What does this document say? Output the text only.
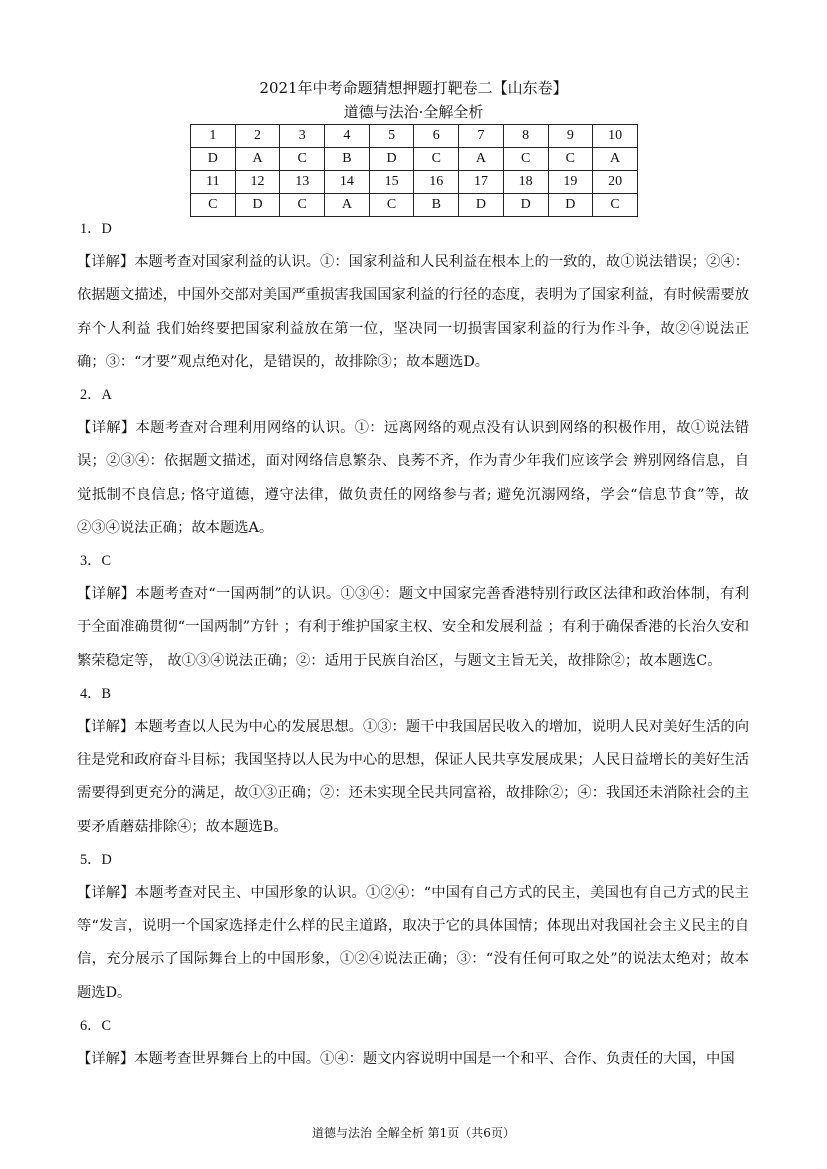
2021年中考命题猜想押题打靶卷二【山东卷】
道德与法治·全解全析
1	2	3	4	5	6	7	8	9	10
D	A	C	B	D	C	A	C	C	A
11	12	13	14	15	16	17	18	19	20
C	D	C	A	C	B	D	D	D	C
1．D

【详解】本题考查对国家利益的认识。①：国家利益和人民利益在根本上的一致的，故①说法错误；②④：依据题文描述，中国外交部对美国严重损害我国国家利益的行径的态度，表明为了国家利益，有时候需要放弃个人利益 我们始终要把国家利益放在第一位，坚决同一切损害国家利益的行为作斗争，故②④说法正确；③：“才要”观点绝对化，是错误的，故排除③；故本题选D。

2．A

【详解】本题考查对合理利用网络的认识。①：远离网络的观点没有认识到网络的积极作用，故①说法错误；②③④：依据题文描述，面对网络信息繁杂、良莠不齐，作为青少年我们应该学会 辨别网络信息，自觉抵制不良信息; 恪守道德，遵守法律，做负责任的网络参与者; 避免沉溺网络，学会“信息节食”等，故②③④说法正确；故本题选A。

3．C

【详解】本题考查对“一国两制”的认识。①③④：题文中国家完善香港特别行政区法律和政治体制，有利于全面准确贯彻“一国两制”方针 ；有利于维护国家主权、安全和发展利益 ；有利于确保香港的长治久安和繁荣稳定等， 故①③④说法正确；②：适用于民族自治区，与题文主旨无关，故排除②；故本题选C。

4．B

【详解】本题考查以人民为中心的发展思想。①③：题干中我国居民收入的增加，说明人民对美好生活的向往是党和政府奋斗目标；我国坚持以人民为中心的思想，保证人民共享发展成果；人民日益增长的美好生活需要得到更充分的满足，故①③正确；②：还未实现全民共同富裕，故排除②；④：我国还未消除社会的主要矛盾蘑菇排除④；故本题选B。

5．D

【详解】本题考查对民主、中国形象的认识。①②④：“中国有自己方式的民主，美国也有自己方式的民主等“发言，说明一个国家选择走什么样的民主道路，取决于它的具体国情；体现出对我国社会主义民主的自信，充分展示了国际舞台上的中国形象，①②④说法正确；③：“没有任何可取之处”的说法太绝对；故本题选D。

6．C

【详解】本题考查世界舞台上的中国。①④：题文内容说明中国是一个和平、合作、负责任的大国，中国

道德与法治 全解全析 第1页（共6页）
